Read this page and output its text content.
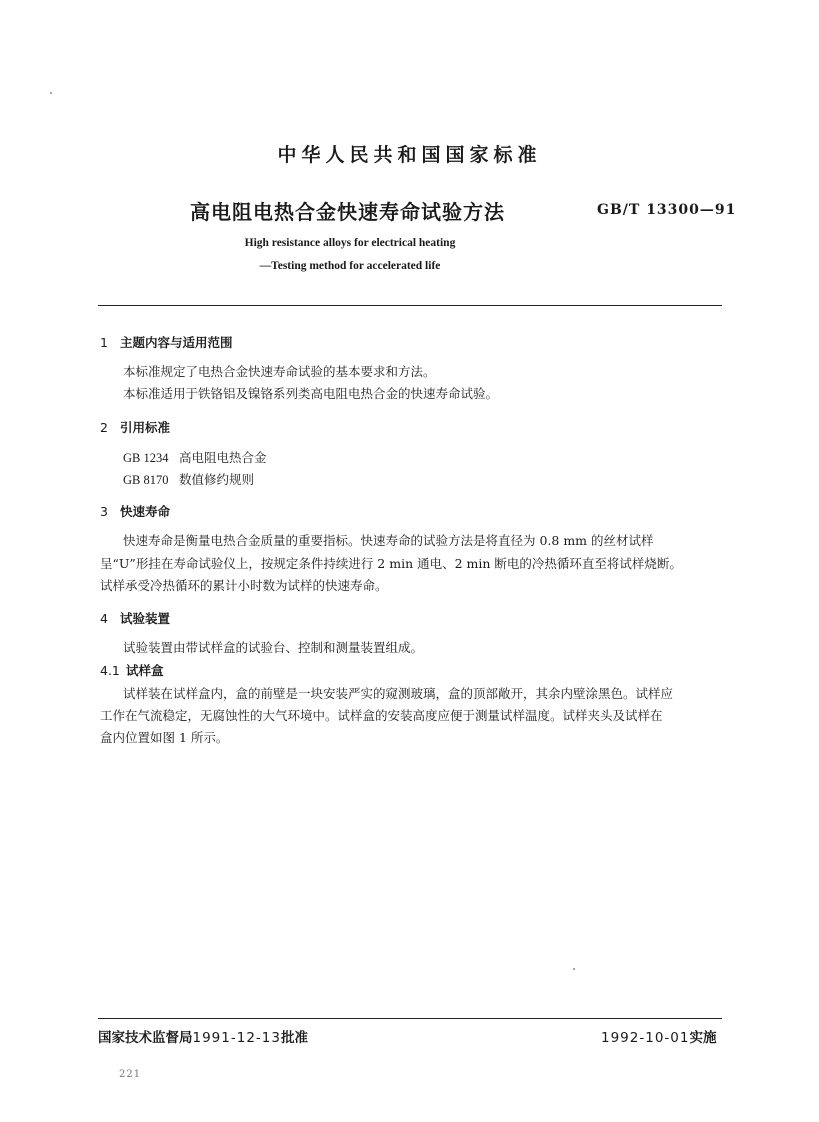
中华人民共和国国家标准
高电阻电热合金快速寿命试验方法	GB/T 13300—91
High resistance alloys for electrical heating
—Testing method for accelerated life
1 主题内容与适用范围
本标准规定了电热合金快速寿命试验的基本要求和方法。
本标准适用于铁铬铝及镍铬系列类高电阻电热合金的快速寿命试验。
2 引用标准
GB 1234 高电阻电热合金
GB 8170 数值修约规则
3 快速寿命
快速寿命是衡量电热合金质量的重要指标。快速寿命的试验方法是将直径为 0.8 mm 的丝材试样
呈“U”形挂在寿命试验仪上，按规定条件持续进行 2 min 通电、2 min 断电的冷热循环直至将试样烧断。
试样承受冷热循环的累计小时数为试样的快速寿命。
4 试验装置
试验装置由带试样盒的试验台、控制和测量装置组成。
4.1 试样盒
试样装在试样盒内，盒的前壁是一块安装严实的窥测玻璃，盒的顶部敞开，其余内壁涂黑色。试样应
工作在气流稳定，无腐蚀性的大气环境中。试样盒的安装高度应便于测量试样温度。试样夹头及试样在
盒内位置如图 1 所示。
国家技术监督局1991-12-13批准	1992-10-01实施
221
